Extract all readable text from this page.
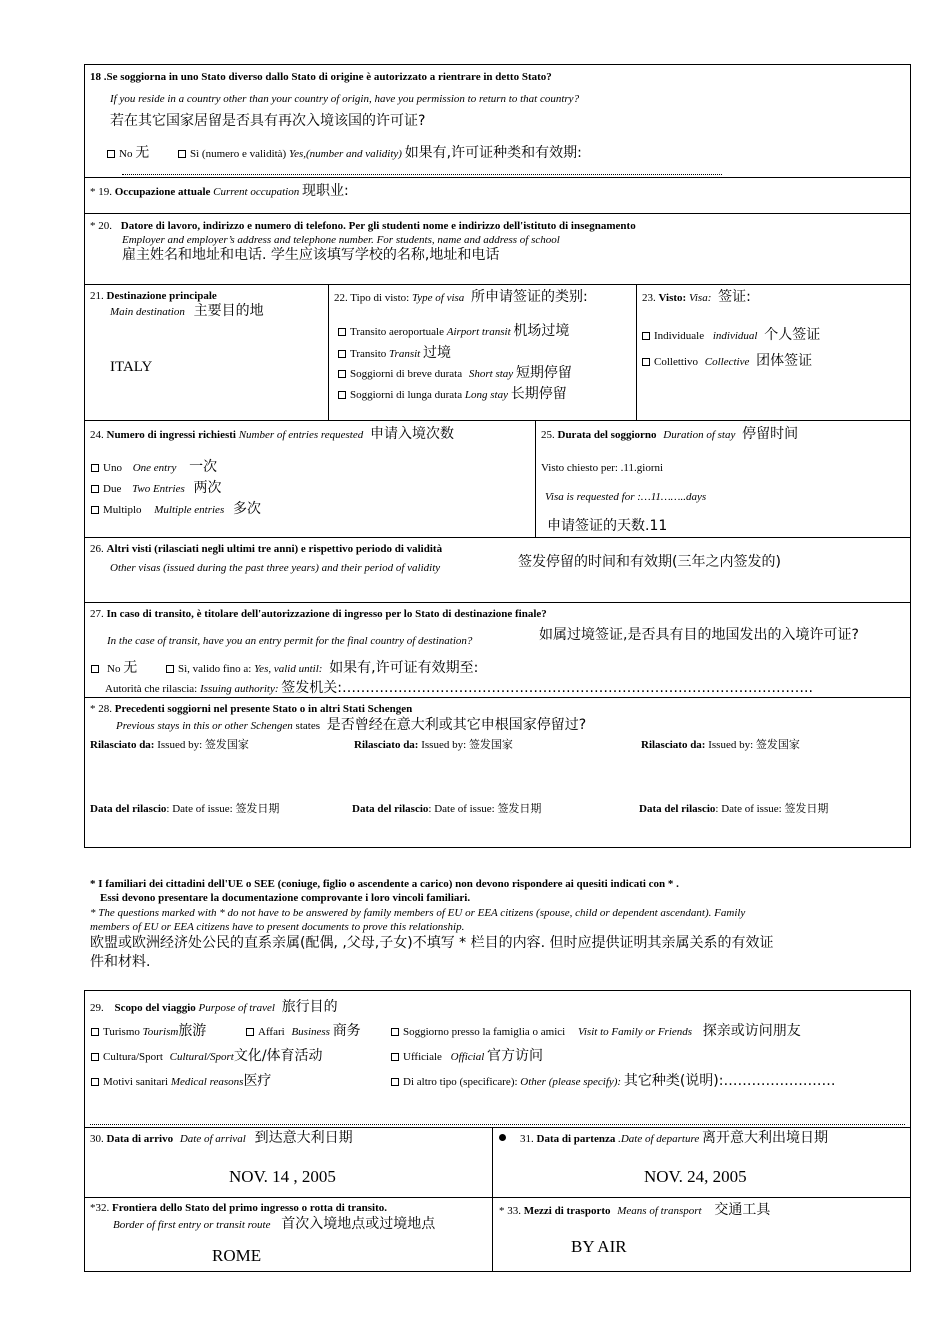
18 .Se soggiorna in uno Stato diverso dallo Stato di origine è autorizzato a rientrare in detto Stato?
If you reside in a country other than your country of origin, have you permission to return to that country?
若在其它国家居留是否具有再次入境该国的许可证?
No 无	Sì (numero e validità) Yes,(number and validity) 如果有,许可证种类和有效期:
* 19. Occupazione attuale Current occupation 现职业:
* 20. Datore di lavoro, indirizzo e numero di telefono. Per gli studenti nome e indirizzo dell'istituto di insegnamento
Employer and employer’s address and telephone number. For students, name and address of school
雇主姓名和地址和电话. 学生应该填写学校的名称,地址和电话
21. Destinazione principale
Main destination 主要目的地
ITALY
22. Tipo di visto: Type of visa 所申请签证的类别:
Transito aeroportuale Airport transit 机场过境
Transito Transit 过境
Soggiorni di breve durata Short stay 短期停留
Soggiorni di lunga durata Long stay 长期停留
23. Visto: Visa: 签证:
Individuale individual 个人签证
Collettivo Collective 团体签证
24. Numero di ingressi richiesti Number of entries requested 申请入境次数
Uno One entry 一次
Due Two Entries 两次
Multiplo Multiple entries 多次
25. Durata del soggiorno Duration of stay 停留时间
Visto chiesto per: .11.giorni
Visa is requested for :…11……..days
申请签证的天数.11
26. Altri visti (rilasciati negli ultimi tre anni) e rispettivo periodo di validità
Other visas (issued during the past three years) and their period of validity	签发停留的时间和有效期(三年之内签发的)
27. In caso di transito, è titolare dell'autorizzazione di ingresso per lo Stato di destinazione finale?
In the case of transit, have you an entry permit for the final country of destination?	如属过境签证,是否具有目的地国发出的入境许可证?
No 无	Sì, valido fino a: Yes, valid until: 如果有,许可证有效期至:
Autorità che rilascia: Issuing authority: 签发机关:………………………………………………………………………………………..
* 28. Precedenti soggiorni nel presente Stato o in altri Stati Schengen
Previous stays in this or other Schengen states 是否曾经在意大利或其它申根国家停留过?
Rilasciato da: Issued by: 签发国家	Rilasciato da: Issued by: 签发国家	Rilasciato da: Issued by: 签发国家
Data del rilascio: Date of issue: 签发日期	Data del rilascio: Date of issue: 签发日期	Data del rilascio: Date of issue: 签发日期
* I familiari dei cittadini dell'UE o SEE (coniuge, figlio o ascendente a carico) non devono rispondere ai quesiti indicati con * .
Essi devono presentare la documentazione comprovante i loro vincoli familiari.
* The questions marked with * do not have to be answered by family members of EU or EEA citizens (spouse, child or dependent ascendant). Family
members of EU or EEA citizens have to present documents to prove this relationship.
欧盟或欧洲经济处公民的直系亲属(配偶, ,父母,子女)不填写 * 栏目的内容. 但时应提供证明其亲属关系的有效证
件和材料.
29. Scopo del viaggio Purpose of travel 旅行目的
Turismo Tourism旅游	Affari Business 商务	Soggiorno presso la famiglia o amici Visit to Family or Friends 探亲或访问朋友
Cultura/Sport Cultural/Sport文化/体育活动	Ufficiale Official 官方访问
Motivi sanitari Medical reasons医疗	Di altro tipo (specificare): Other (please specify): 其它种类(说明):……………………
30. Data di arrivo Date of arrival 到达意大利日期
NOV. 14 , 2005
31. Data di partenza .Date of departure 离开意大利出境日期
NOV. 24, 2005
*32. Frontiera dello Stato del primo ingresso o rotta di transito.
Border of first entry or transit route 首次入境地点或过境地点
ROME
* 33. Mezzi di trasporto Means of transport 交通工具
BY AIR
